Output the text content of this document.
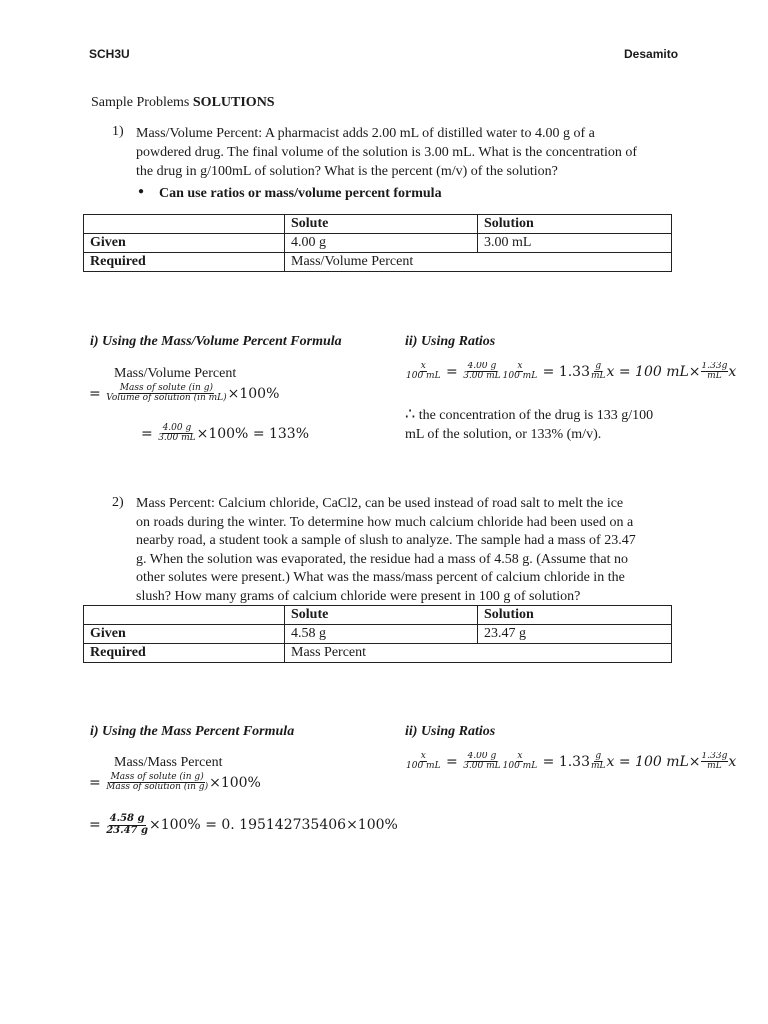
SCH3U	Desamito
Sample Problems SOLUTIONS
1) Mass/Volume Percent: A pharmacist adds 2.00 mL of distilled water to 4.00 g of a
powdered drug. The final volume of the solution is 3.00 mL. What is the concentration of
the drug in g/100mL of solution? What is the percent (m/v) of the solution?
● Can use ratios or mass/volume percent formula
	Solute	Solution
Given	4.00 g	3.00 mL
Required	Mass/Volume Percent	
i) Using the Mass/Volume Percent Formula
Mass/Volume Percent
= $\frac{\text{Mass of solute (in g)}}{\text{Volume of solution (in mL)}} \times 100\%$
= $\frac{4.00 g}{3.00 mL} \times 100\% = 133\%$
ii) Using Ratios
$\frac{x}{100 mL} = \frac{4.00 g}{3.00 mL} \frac{x}{100 mL} = 1.33 \frac{g}{mL}$ x = 100 $mL\times \frac{1.33g}{mL}$ x
∴ the concentration of the drug is 133 g/100
mL of the solution, or 133% (m/v).
2) Mass Percent: Calcium chloride, CaCl2, can be used instead of road salt to melt the ice
on roads during the winter. To determine how much calcium chloride had been used on a
nearby road, a student took a sample of slush to analyze. The sample had a mass of 23.47
g. When the solution was evaporated, the residue had a mass of 4.58 g. (Assume that no
other solutes were present.) What was the mass/mass percent of calcium chloride in the
slush? How many grams of calcium chloride were present in 100 g of solution?
	Solute	Solution
Given	4.58 g	23.47 g
Required	Mass Percent	
i) Using the Mass Percent Formula
Mass/Mass Percent
= $\frac{\text{Mass of solute (in g)}}{\text{Mass of solution (in g)}} \times 100\%$
= $\frac{4.58 g}{23.47 g} \times 100\% = 0$. 195142735406×100%
ii) Using Ratios
$\frac{x}{100 mL} = \frac{4.00 g}{3.00 mL} \frac{x}{100 mL} = 1.33 \frac{g}{mL}$ x = 100 $mL\times \frac{1.33g}{mL}$ x
